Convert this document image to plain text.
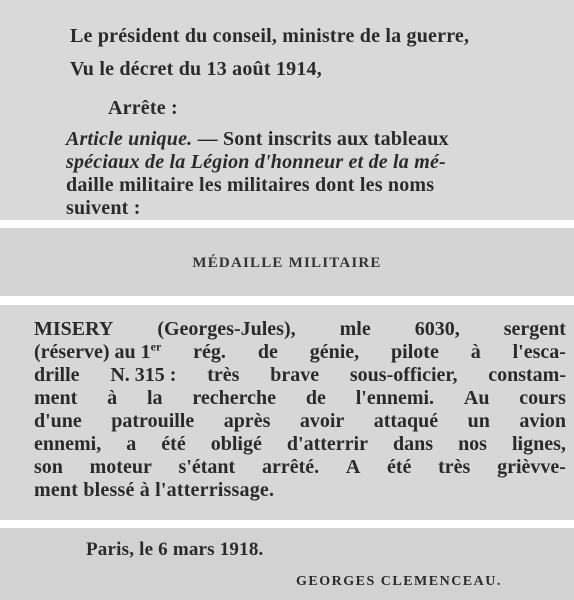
Le président du conseil, ministre de la guerre,
Vu le décret du 13 août 1914,
Arrête :
Article unique. — Sont inscrits aux tableaux
spéciaux de la Légion d'honneur et de la mé-
daille militaire les militaires dont les noms
suivent :
MÉDAILLE MILITAIRE
MISERY (Georges-Jules), mle 6030, sergent
(réserve) au 1er rég. de génie, pilote à l'esca-
drille N. 315 : très brave sous-officier, constam-
ment à la recherche de l'ennemi. Au cours
d'une patrouille après avoir attaqué un avion
ennemi, a été obligé d'atterrir dans nos lignes,
son moteur s'étant arrêté. A été très grièvve-
ment blessé à l'atterrissage.
Paris, le 6 mars 1918.
GEORGES CLEMENCEAU.
